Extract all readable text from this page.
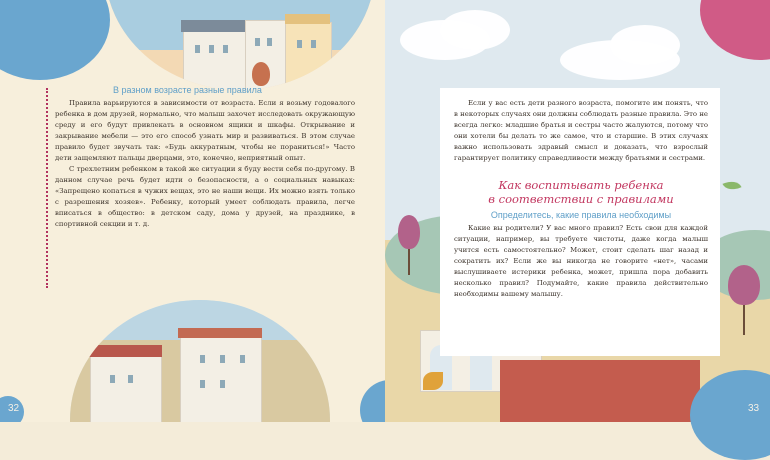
В разном возрасте разные правила

Правила варьируются в зависимости от возраста. Если я возьму годовалого ребенка в дом друзей, нормально, что малыш захочет исследовать окружающую среду и его будут привлекать в основном ящики и шкафы. Открывание и закрывание мебели — это его способ узнать мир и развиваться. В этом случае правило будет звучать так: «Будь аккуратным, чтобы не пораниться!» Часто дети защемляют пальцы дверцами, это, конечно, неприятный опыт.

С трехлетним ребенком в такой же ситуации я буду вести себя по-другому. В данном случае речь будет идти о безопасности, а о социальных навыках: «Запрещено копаться в чужих вещах, это не наши вещи. Их можно взять только с разрешения хозяев». Ребенку, который умеет соблюдать правила, легче вписаться в общество: в детском саду, дома у друзей, на празднике, в спортивной секции и т. д.

32

Если у вас есть дети разного возраста, помогите им понять, что в некоторых случаях они должны соблюдать разные правила. Это не всегда легко: младшие братья и сестры часто жалуются, потому что они хотели бы делать то же самое, что и старшие. В этих случаях важно использовать здравый смысл и доказать, что взрослый гарантирует политику справедливости между братьями и сестрами.

Как воспитывать ребенка
в соответствии с правилами
Определитесь, какие правила необходимы

Какие вы родители? У вас много правил? Есть свои для каждой ситуации, например, вы требуете чистоты, даже когда малыш учится есть самостоятельно? Может, стоит сделать шаг назад и сократить их? Если же вы никогда не говорите «нет», часами выслушиваете истерики ребенка, может, пришла пора добавить несколько правил? Подумайте, какие правила действительно необходимы вашему малышу.

33
